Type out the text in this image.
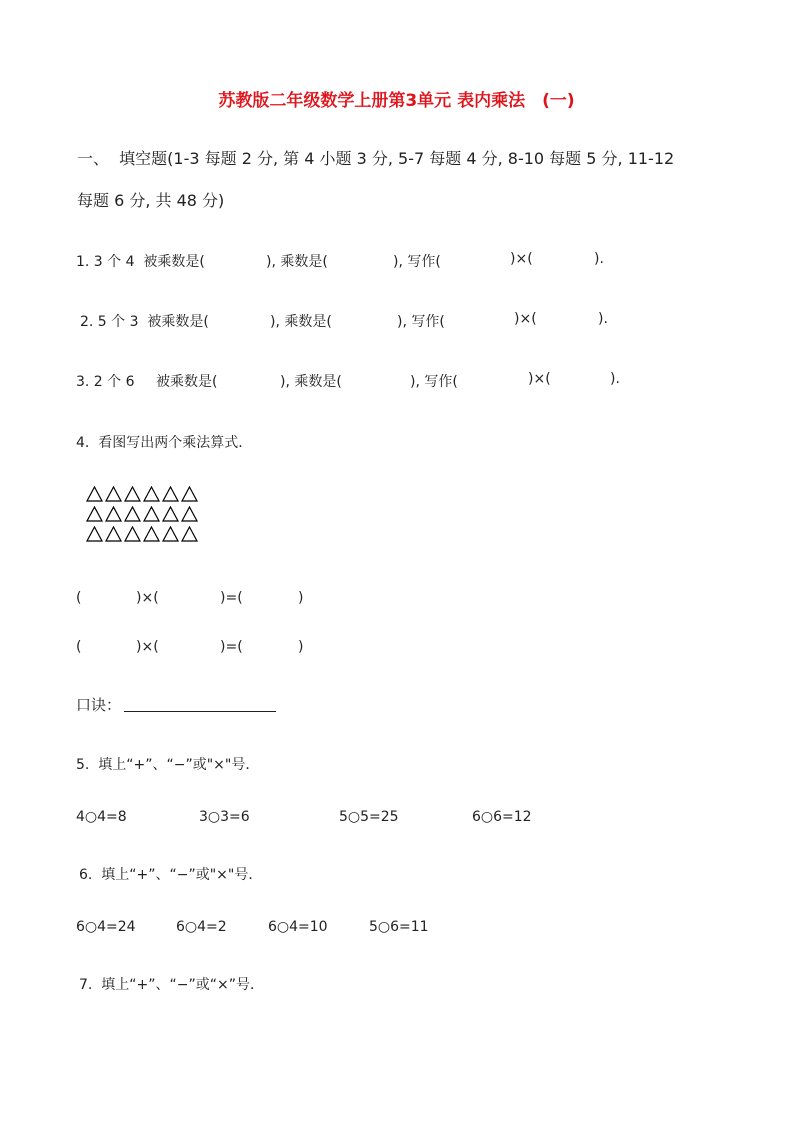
苏教版二年级数学上册第3单元 表内乘法　(一)
一、  填空题(1-3 每题 2 分, 第 4 小题 3 分, 5-7 每题 4 分, 8-10 每题 5 分, 11-12
每题 6 分, 共 48 分)
1. 3 个 4  被乘数是(	), 乘数是(	), 写作(	)×(	).
2. 5 个 3  被乘数是(	), 乘数是(	), 写作(	)×(	).
3. 2 个 6 被乘数是(	), 乘数是(	), 写作(	)×(	).
4.  看图写出两个乘法算式．
(	)×(	)=(	)
(	)×(	)=(	)
口诀：
5.  填上“+”、“−”或"×"号．
4○4=8	3○3=6	5○5=25	6○6=12
6.  填上“+”、“−”或"×"号．
6○4=24	6○4=2	6○4=10	5○6=11
7.  填上“+”、“−”或“×”号．
